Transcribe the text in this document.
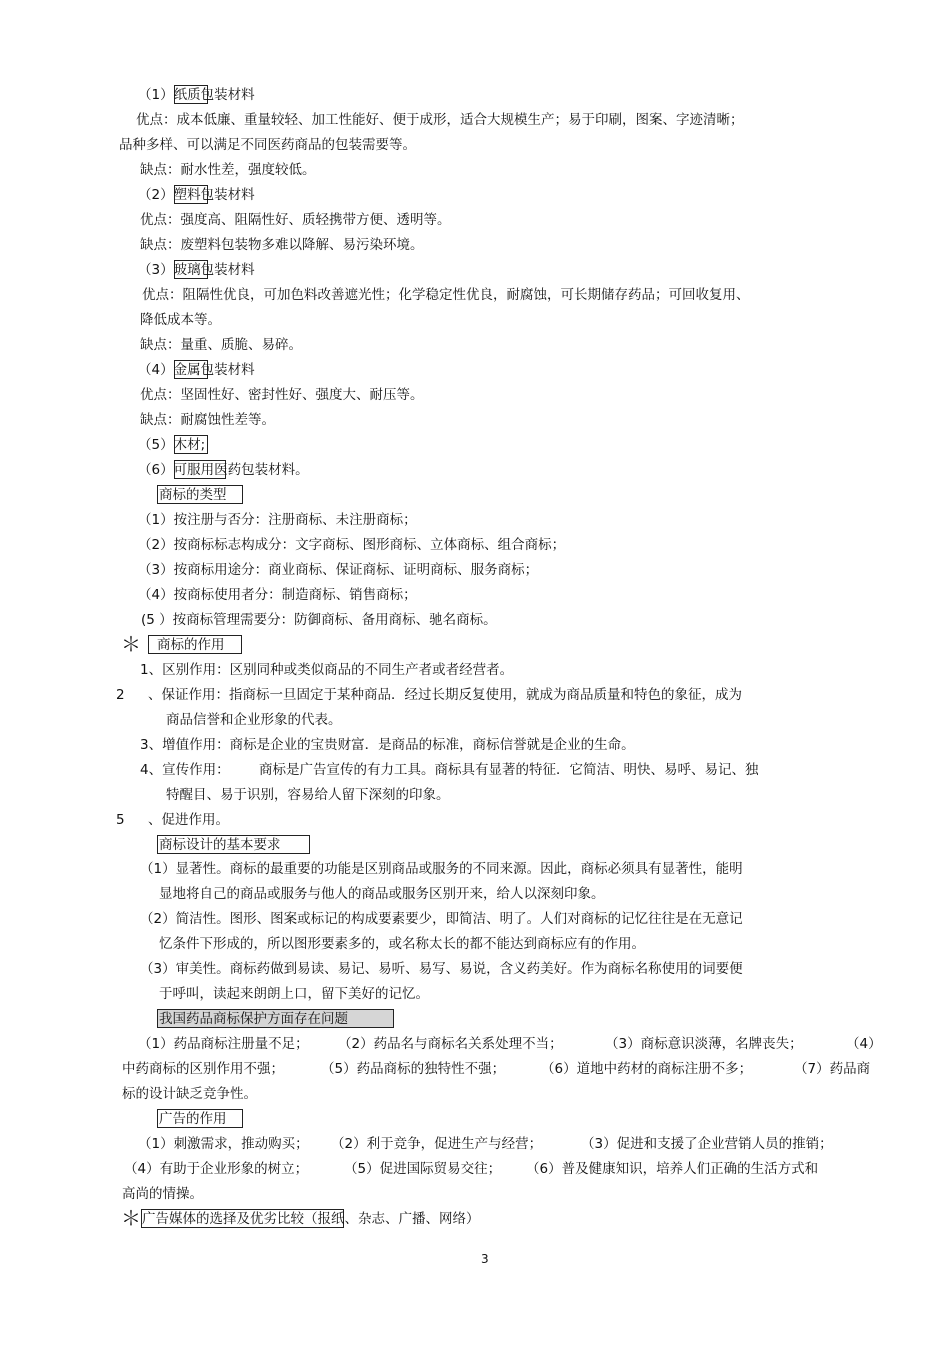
（1）纸质包装材料
优点：成本低廉、重量较轻、加工性能好、便于成形，适合大规模生产；易于印刷，图案、字迹清晰；
品种多样、可以满足不同医药商品的包装需要等。
缺点：耐水性差，强度较低。
（2）塑料包装材料
优点：强度高、阻隔性好、质轻携带方便、透明等。
缺点：废塑料包装物多难以降解、易污染环境。
（3）玻璃包装材料
优点：阻隔性优良，可加色料改善遮光性；化学稳定性优良，耐腐蚀，可长期储存药品；可回收复用、
降低成本等。
缺点：量重、质脆、易碎。
（4）金属包装材料
优点：坚固性好、密封性好、强度大、耐压等。
缺点：耐腐蚀性差等。
（5）木材;
（6）可服用医药包装材料。
商标的类型
（1）按注册与否分：注册商标、未注册商标；
（2）按商标标志构成分：文字商标、图形商标、立体商标、组合商标；
（3）按商标用途分：商业商标、保证商标、证明商标、服务商标；
（4）按商标使用者分：制造商标、销售商标；
(5 ）按商标管理需要分：防御商标、备用商标、驰名商标。
＊ 商标的作用
1、区别作用：区别同种或类似商品的不同生产者或者经营者。
2 、保证作用：指商标一旦固定于某种商品．经过长期反复使用，就成为商品质量和特色的象征，成为
商品信誉和企业形象的代表。
3、增值作用：商标是企业的宝贵财富．是商品的标准，商标信誉就是企业的生命。
4、宣传作用： 商标是广告宣传的有力工具。商标具有显著的特征．它简洁、明快、易呼、易记、独
特醒目、易于识别，容易给人留下深刻的印象。
5 、促进作用。
商标设计的基本要求
（1）显著性。商标的最重要的功能是区别商品或服务的不同来源。因此，商标必须具有显著性，能明
显地将自己的商品或服务与他人的商品或服务区别开来，给人以深刻印象。
（2）简洁性。图形、图案或标记的构成要素要少，即简洁、明了。人们对商标的记忆往往是在无意记
忆条件下形成的，所以图形要素多的，或名称太长的都不能达到商标应有的作用。
（3）审美性。商标药做到易读、易记、易听、易写、易说，含义药美好。作为商标名称使用的词要便
于呼叫，读起来朗朗上口，留下美好的记忆。
我国药品商标保护方面存在问题
（1）药品商标注册量不足； （2）药品名与商标名关系处理不当；	（3）商标意识淡薄，名牌丧失；	（4）
中药商标的区别作用不强；	（5）药品商标的独特性不强；	（6）道地中药材的商标注册不多；	（7）药品商
标的设计缺乏竞争性。
广告的作用
（1）刺激需求，推动购买； （2）利于竞争，促进生产与经营；	（3）促进和支援了企业营销人员的推销；
（4）有助于企业形象的树立；	（5）促进国际贸易交往； （6）普及健康知识，培养人们正确的生活方式和
高尚的情操。
＊ 广告媒体的选择及优劣比较（报纸、杂志、广播、网络）
3
